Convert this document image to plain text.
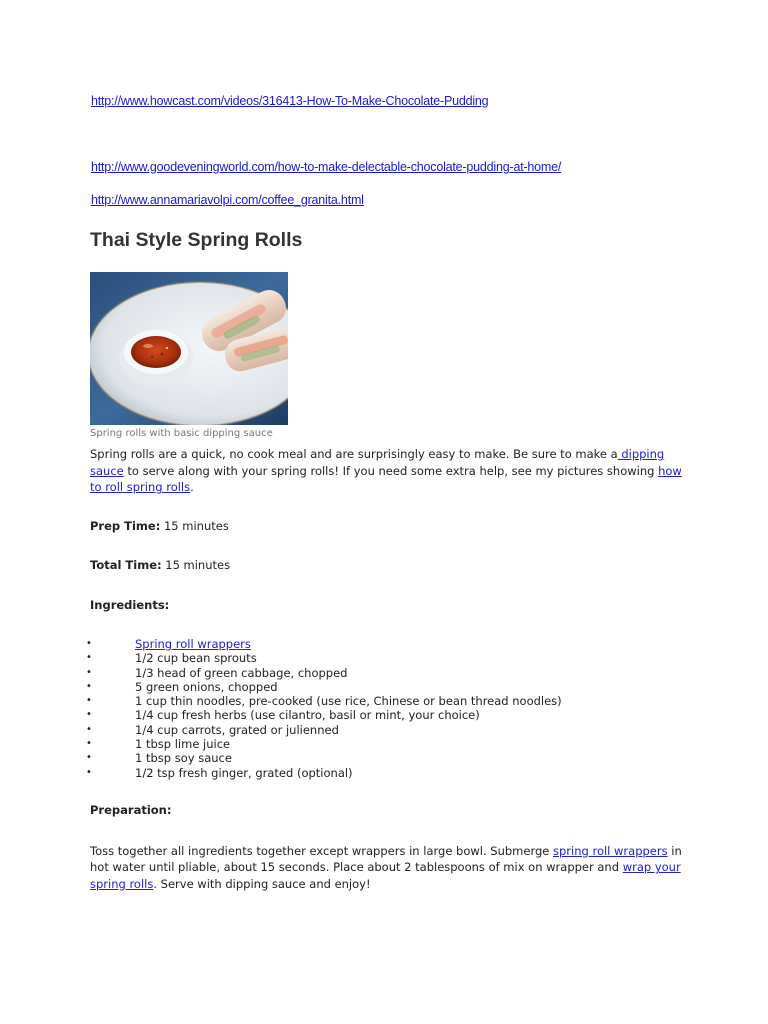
http://www.howcast.com/videos/316413-How-To-Make-Chocolate-Pudding
http://www.goodeveningworld.com/how-to-make-delectable-chocolate-pudding-at-home/
http://www.annamariavolpi.com/coffee_granita.html
Thai Style Spring Rolls
Spring rolls with basic dipping sauce

Spring rolls are a quick, no cook meal and are surprisingly easy to make. Be sure to make a dipping sauce to serve along with your spring rolls! If you need some extra help, see my pictures showing how to roll spring rolls.

Prep Time: 15 minutes

Total Time: 15 minutes

Ingredients:

•	Spring roll wrappers
•	1/2 cup bean sprouts
•	1/3 head of green cabbage, chopped
•	5 green onions, chopped
•	1 cup thin noodles, pre-cooked (use rice, Chinese or bean thread noodles)
•	1/4 cup fresh herbs (use cilantro, basil or mint, your choice)
•	1/4 cup carrots, grated or julienned
•	1 tbsp lime juice
•	1 tbsp soy sauce
•	1/2 tsp fresh ginger, grated (optional)

Preparation:

Toss together all ingredients together except wrappers in large bowl. Submerge spring roll wrappers in hot water until pliable, about 15 seconds. Place about 2 tablespoons of mix on wrapper and wrap your spring rolls. Serve with dipping sauce and enjoy!
